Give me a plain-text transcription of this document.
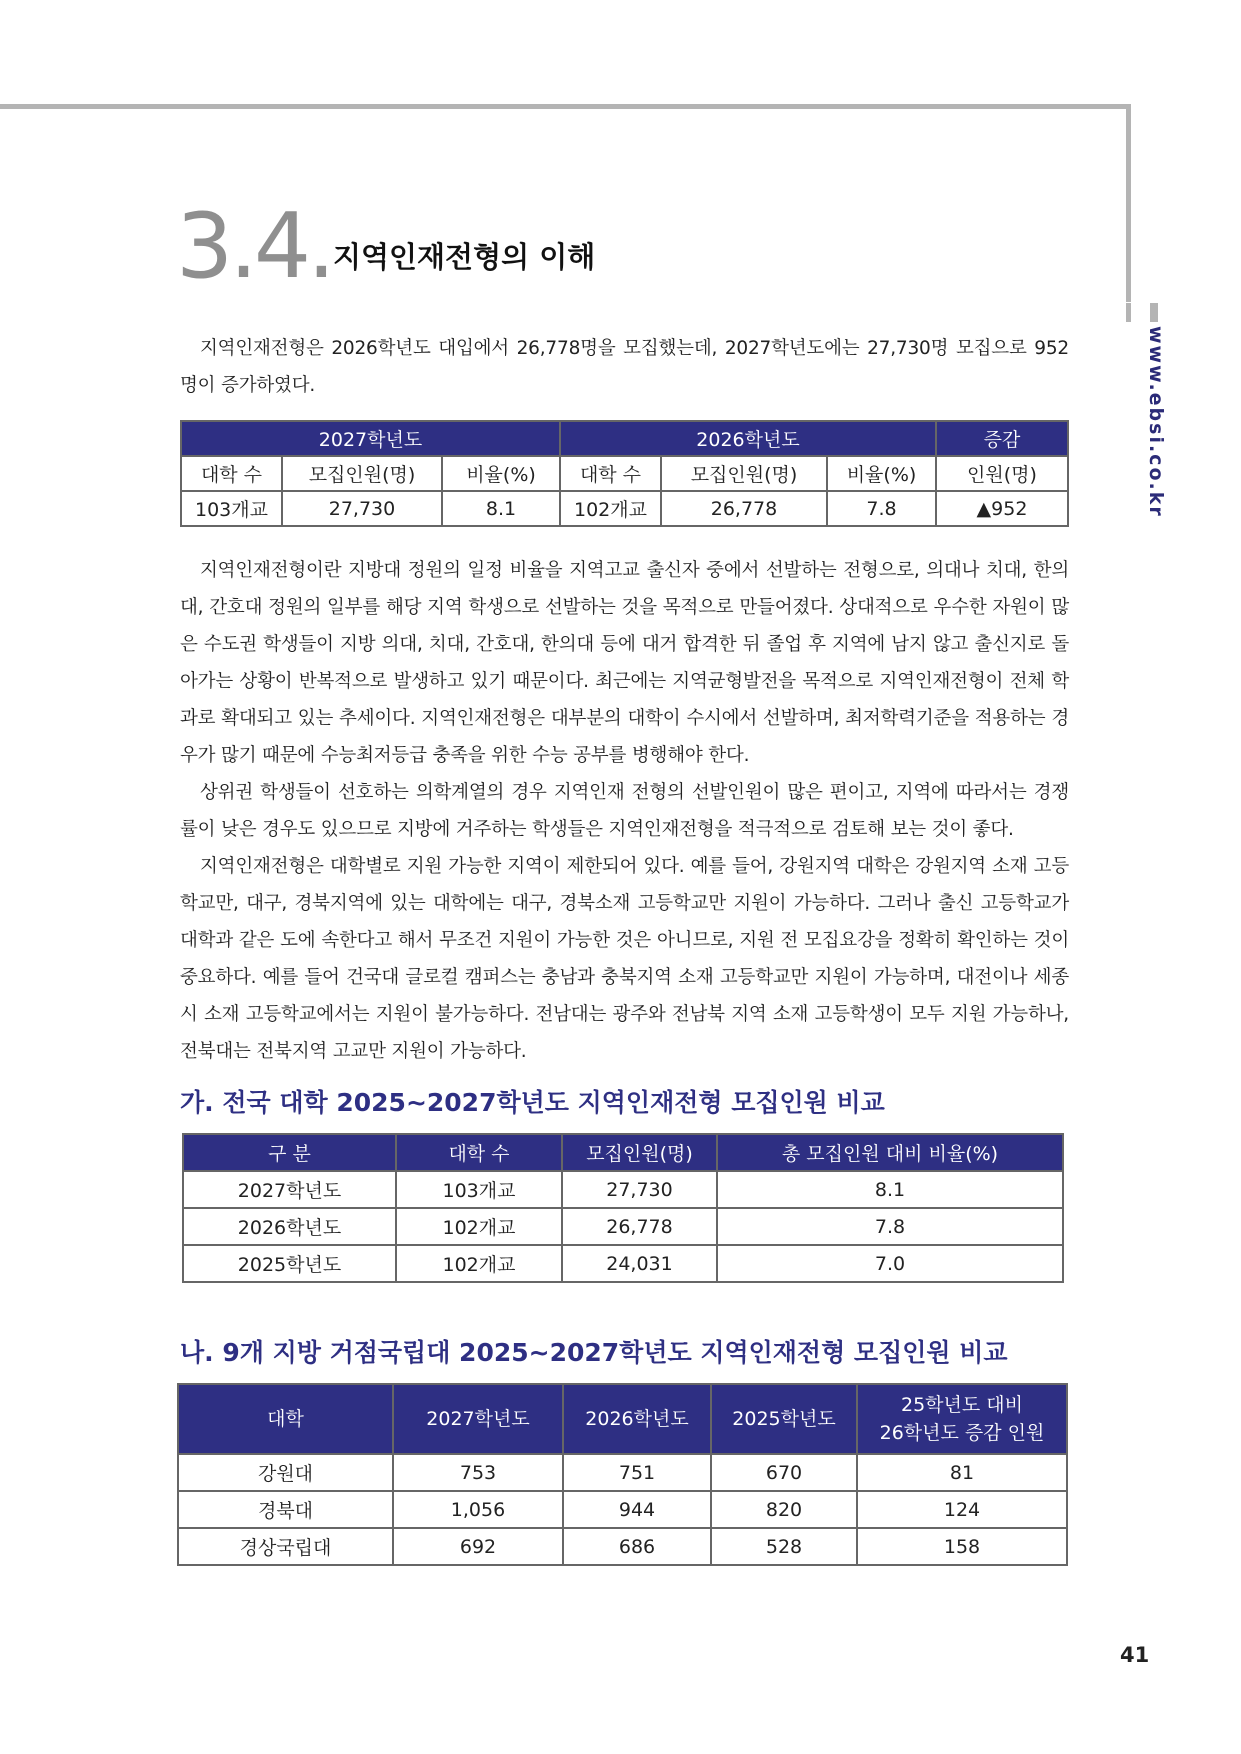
www.ebsi.co.kr
3.4. 지역인재전형의 이해

지역인재전형은 2026학년도 대입에서 26,778명을 모집했는데, 2027학년도에는 27,730명 모집으로 952명이 증가하였다.

2027학년도			2026학년도			증감
대학 수	모집인원(명)	비율(%)	대학 수	모집인원(명)	비율(%)	인원(명)
103개교	27,730	8.1	102개교	26,778	7.8	▲952

지역인재전형이란 지방대 정원의 일정 비율을 지역고교 출신자 중에서 선발하는 전형으로, 의대나 치대, 한의대, 간호대 정원의 일부를 해당 지역 학생으로 선발하는 것을 목적으로 만들어졌다. 상대적으로 우수한 자원이 많은 수도권 학생들이 지방 의대, 치대, 간호대, 한의대 등에 대거 합격한 뒤 졸업 후 지역에 남지 않고 출신지로 돌아가는 상황이 반복적으로 발생하고 있기 때문이다. 최근에는 지역균형발전을 목적으로 지역인재전형이 전체 학과로 확대되고 있는 추세이다. 지역인재전형은 대부분의 대학이 수시에서 선발하며, 최저학력기준을 적용하는 경우가 많기 때문에 수능최저등급 충족을 위한 수능 공부를 병행해야 한다.

상위권 학생들이 선호하는 의학계열의 경우 지역인재 전형의 선발인원이 많은 편이고, 지역에 따라서는 경쟁률이 낮은 경우도 있으므로 지방에 거주하는 학생들은 지역인재전형을 적극적으로 검토해 보는 것이 좋다.

지역인재전형은 대학별로 지원 가능한 지역이 제한되어 있다. 예를 들어, 강원지역 대학은 강원지역 소재 고등학교만, 대구, 경북지역에 있는 대학에는 대구, 경북소재 고등학교만 지원이 가능하다. 그러나 출신 고등학교가 대학과 같은 도에 속한다고 해서 무조건 지원이 가능한 것은 아니므로, 지원 전 모집요강을 정확히 확인하는 것이 중요하다. 예를 들어 건국대 글로컬 캠퍼스는 충남과 충북지역 소재 고등학교만 지원이 가능하며, 대전이나 세종시 소재 고등학교에서는 지원이 불가능하다. 전남대는 광주와 전남북 지역 소재 고등학생이 모두 지원 가능하나, 전북대는 전북지역 고교만 지원이 가능하다.

가. 전국 대학 2025~2027학년도 지역인재전형 모집인원 비교
구 분	대학 수	모집인원(명)	총 모집인원 대비 비율(%)
2027학년도	103개교	27,730	8.1
2026학년도	102개교	26,778	7.8
2025학년도	102개교	24,031	7.0
나. 9개 지방 거점국립대 2025~2027학년도 지역인재전형 모집인원 비교
대학	2027학년도	2026학년도	2025학년도	25학년도 대비
26학년도 증감 인원

강원대	753	751	670	81
경북대	1,056	944	820	124
경상국립대	692	686	528	158
41
